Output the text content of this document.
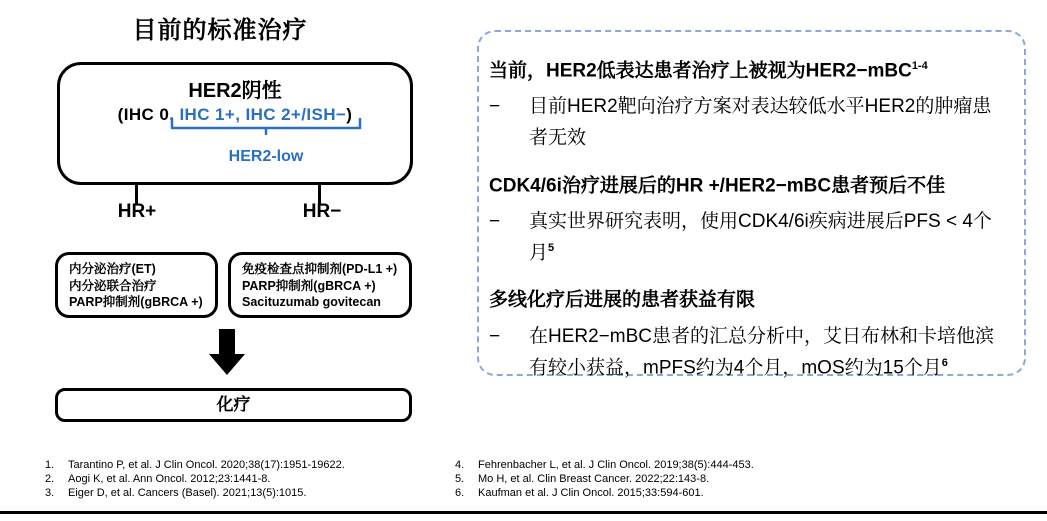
目前的标准治疗
HER2阴性
(IHC 0, IHC 1+, IHC 2+/ISH−)
HER2-low
HR+	HR−
内分泌治疗(ET)
内分泌联合治疗
PARP抑制剂(gBRCA +)
免疫检查点抑制剂(PD-L1 +)
PARP抑制剂(gBRCA +)
Sacituzumab govitecan
化疗
当前，HER2低表达患者治疗上被视为HER2−mBC$^{1-4}$
−	目前HER2靶向治疗方案对表达较低水平HER2的肿瘤患者无效
CDK4/6i治疗进展后的HR +/HER2−mBC患者预后不佳
−	真实世界研究表明，使用CDK4/6i疾病进展后PFS < 4个月$^5$
多线化疗后进展的患者获益有限
−	在HER2−mBC患者的汇总分析中，艾日布林和卡培他滨有较小获益，mPFS约为4个月，mOS约为15个月$^6$
1.	Tarantino P, et al. J Clin Oncol. 2020;38(17):1951-19622.
2.	Aogi K, et al. Ann Oncol. 2012;23:1441-8.
3.	Eiger D, et al. Cancers (Basel). 2021;13(5):1015.
4.	Fehrenbacher L, et al. J Clin Oncol. 2019;38(5):444-453.
5.	Mo H, et al. Clin Breast Cancer. 2022;22:143-8.
6.	Kaufman et al. J Clin Oncol. 2015;33:594-601.
